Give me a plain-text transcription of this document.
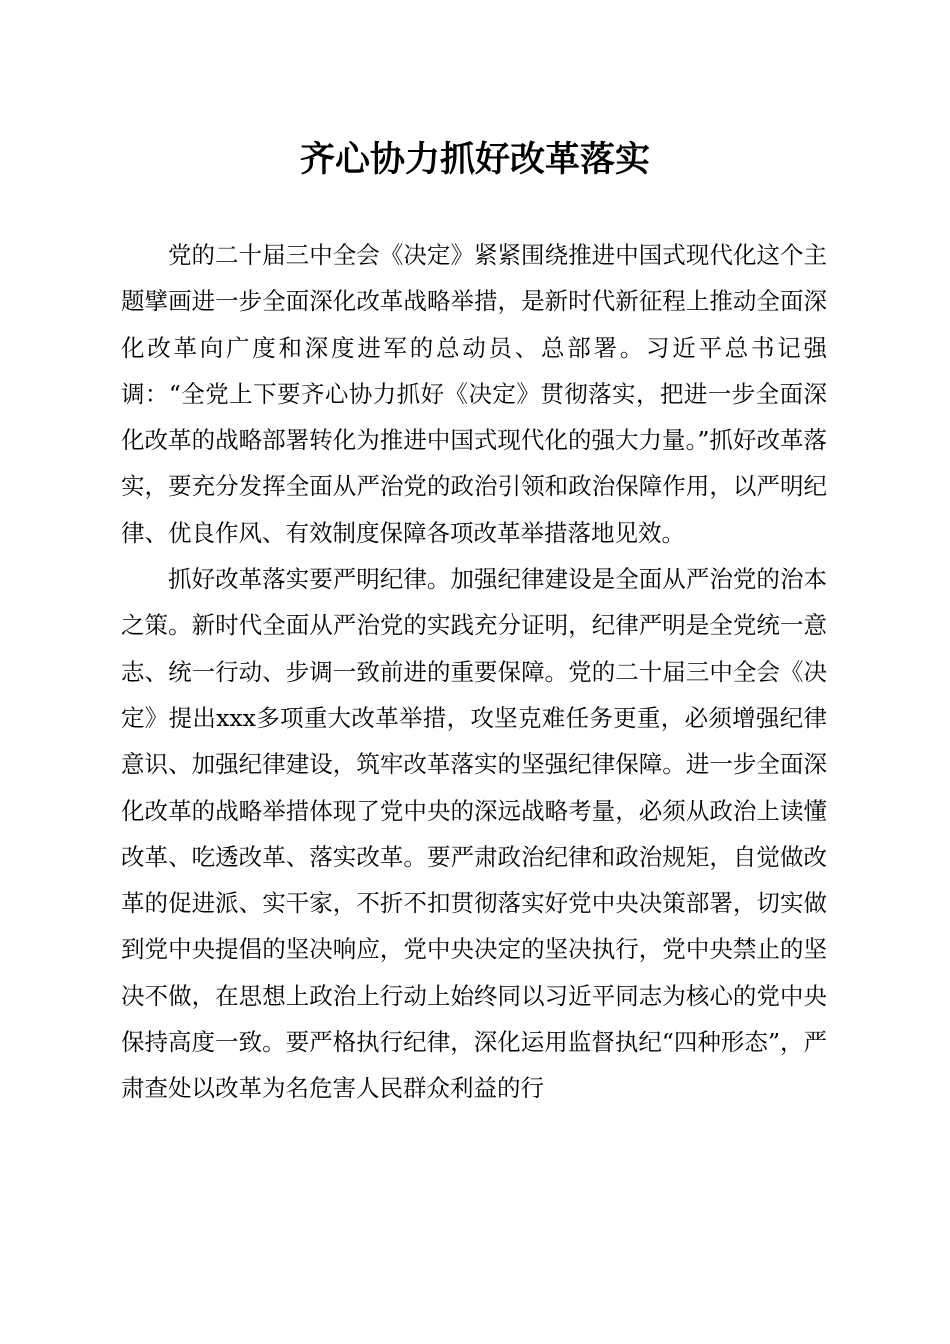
齐心协力抓好改革落实

党的二十届三中全会《决定》紧紧围绕推进中国式现代化这个主题擘画进一步全面深化改革战略举措，是新时代新征程上推动全面深化改革向广度和深度进军的总动员、总部署。习近平总书记强调：“全党上下要齐心协力抓好《决定》贯彻落实，把进一步全面深化改革的战略部署转化为推进中国式现代化的强大力量。”抓好改革落实，要充分发挥全面从严治党的政治引领和政治保障作用，以严明纪律、优良作风、有效制度保障各项改革举措落地见效。

抓好改革落实要严明纪律。加强纪律建设是全面从严治党的治本之策。新时代全面从严治党的实践充分证明，纪律严明是全党统一意志、统一行动、步调一致前进的重要保障。党的二十届三中全会《决定》提出xxx多项重大改革举措，攻坚克难任务更重，必须增强纪律意识、加强纪律建设，筑牢改革落实的坚强纪律保障。进一步全面深化改革的战略举措体现了党中央的深远战略考量，必须从政治上读懂改革、吃透改革、落实改革。要严肃政治纪律和政治规矩，自觉做改革的促进派、实干家，不折不扣贯彻落实好党中央决策部署，切实做到党中央提倡的坚决响应，党中央决定的坚决执行，党中央禁止的坚决不做，在思想上政治上行动上始终同以习近平同志为核心的党中央保持高度一致。要严格执行纪律，深化运用监督执纪“四种形态”，严肃查处以改革为名危害人民群众利益的行
